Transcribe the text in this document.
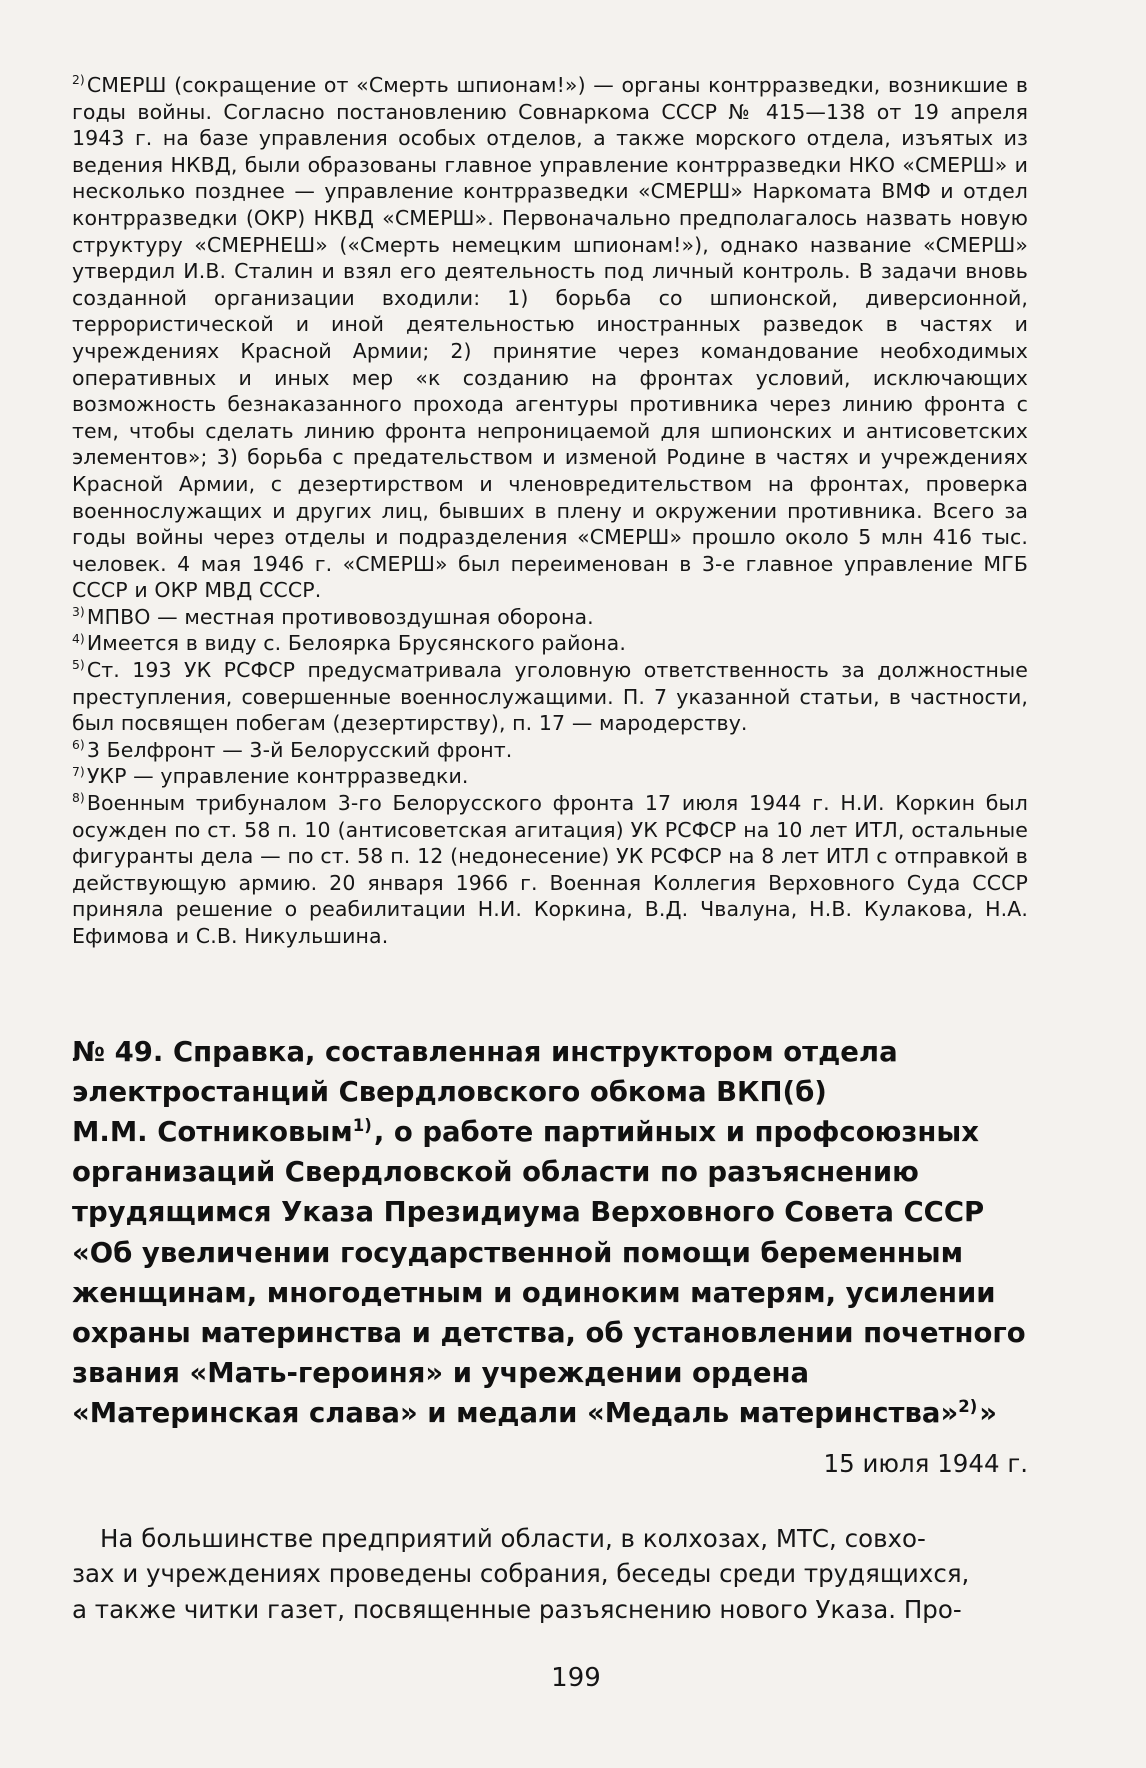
$^{2)}$СМЕРШ (сокращение от «Смерть шпионам!») — органы контрразведки, возникшие в годы войны. Согласно постановлению Совнаркома СССР № 415—138 от 19 апреля 1943 г. на базе управления особых отделов, а также морского отдела, изъятых из ведения НКВД, были образованы главное управление контрразведки НКО «СМЕРШ» и несколько позднее — управление контрразведки «СМЕРШ» Наркомата ВМФ и отдел контрразведки (ОКР) НКВД «СМЕРШ». Первоначально предполагалось назвать новую структуру «СМЕРНЕШ» («Смерть немецким шпионам!»), однако название «СМЕРШ» утвердил И.В. Сталин и взял его деятельность под личный контроль. В задачи вновь созданной организации входили: 1) борьба со шпионской, диверсионной, террористической и иной деятельностью иностранных разведок в частях и учреждениях Красной Армии; 2) принятие через командование необходимых оперативных и иных мер «к созданию на фронтах условий, исключающих возможность безнаказанного прохода агентуры противника через линию фронта с тем, чтобы сделать линию фронта непроницаемой для шпионских и антисоветских элементов»; 3) борьба с предательством и изменой Родине в частях и учреждениях Красной Армии, с дезертирством и членовредительством на фронтах, проверка военнослужащих и других лиц, бывших в плену и окружении противника. Всего за годы войны через отделы и подразделения «СМЕРШ» прошло около 5 млн 416 тыс. человек. 4 мая 1946 г. «СМЕРШ» был переименован в 3-е главное управление МГБ СССР и ОКР МВД СССР.

$^{3)}$МПВО — местная противовоздушная оборона.

$^{4)}$Имеется в виду с. Белоярка Брусянского района.

$^{5)}$Ст. 193 УК РСФСР предусматривала уголовную ответственность за должностные преступления, совершенные военнослужащими. П. 7 указанной статьи, в частности, был посвящен побегам (дезертирству), п. 17 — мародерству.

$^{6)}$3 Белфронт — 3-й Белорусский фронт.

$^{7)}$УКР — управление контрразведки.

$^{8)}$Военным трибуналом 3-го Белорусского фронта 17 июля 1944 г. Н.И. Коркин был осужден по ст. 58 п. 10 (антисоветская агитация) УК РСФСР на 10 лет ИТЛ, остальные фигуранты дела — по ст. 58 п. 12 (недонесение) УК РСФСР на 8 лет ИТЛ с отправкой в действующую армию. 20 января 1966 г. Военная Коллегия Верховного Суда СССР приняла решение о реабилитации Н.И. Коркина, В.Д. Чвалуна, Н.В. Кулакова, Н.А. Ефимова и С.В. Никульшина.

№ 49. Справка, составленная инструктором отдела
электростанций Свердловского обкома ВКП(б)
М.М. Сотниковым$^{1)}$, о работе партийных и профсоюзных
организаций Свердловской области по разъяснению
трудящимся Указа Президиума Верховного Совета СССР
«Об увеличении государственной помощи беременным
женщинам, многодетным и одиноким матерям, усилении
охраны материнства и детства, об установлении почетного
звания «Мать-героиня» и учреждении ордена
«Материнская слава» и медали «Медаль материнства»$^{2)}$»
15 июля 1944 г.
На большинстве предприятий области, в колхозах, МТС, совхо-
зах и учреждениях проведены собрания, беседы среди трудящихся,
а также читки газет, посвященные разъяснению нового Указа. Про-
199
